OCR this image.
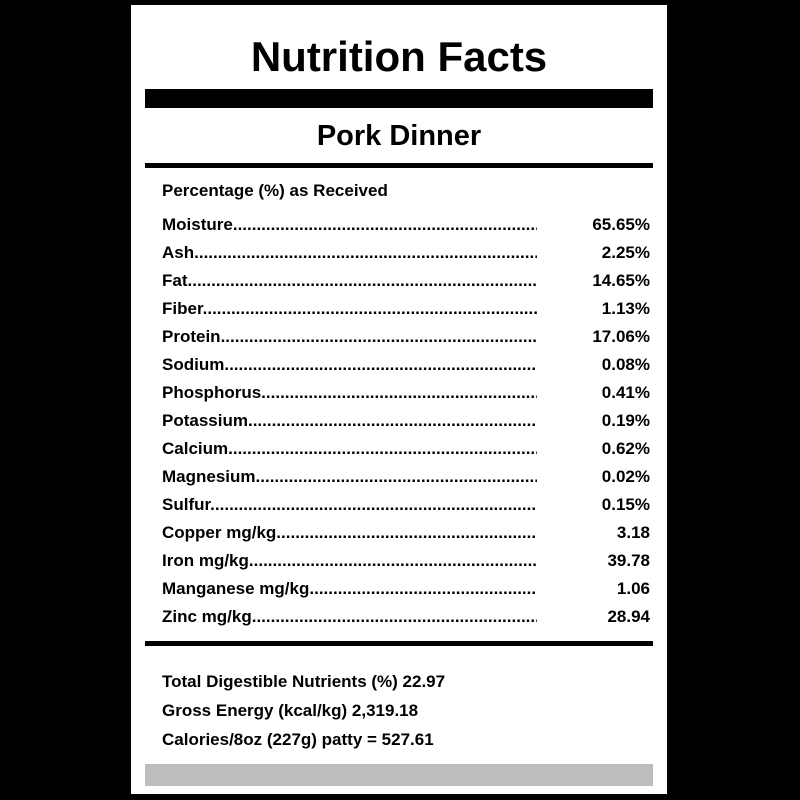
Nutrition Facts
Pork Dinner
Percentage (%) as Received
Moisture .....	65.65%
Ash .....	2.25%
Fat .....	14.65%
Fiber .....	1.13%
Protein .....	17.06%
Sodium .....	0.08%
Phosphorus .....	0.41%
Potassium .....	0.19%
Calcium .....	0.62%
Magnesium .....	0.02%
Sulfur .....	0.15%
Copper mg/kg .....	3.18
Iron mg/kg .....	39.78
Manganese mg/kg .....	1.06
Zinc mg/kg .....	28.94
Total Digestible Nutrients (%) 22.97
Gross Energy (kcal/kg) 2,319.18
Calories/8oz (227g) patty = 527.61
